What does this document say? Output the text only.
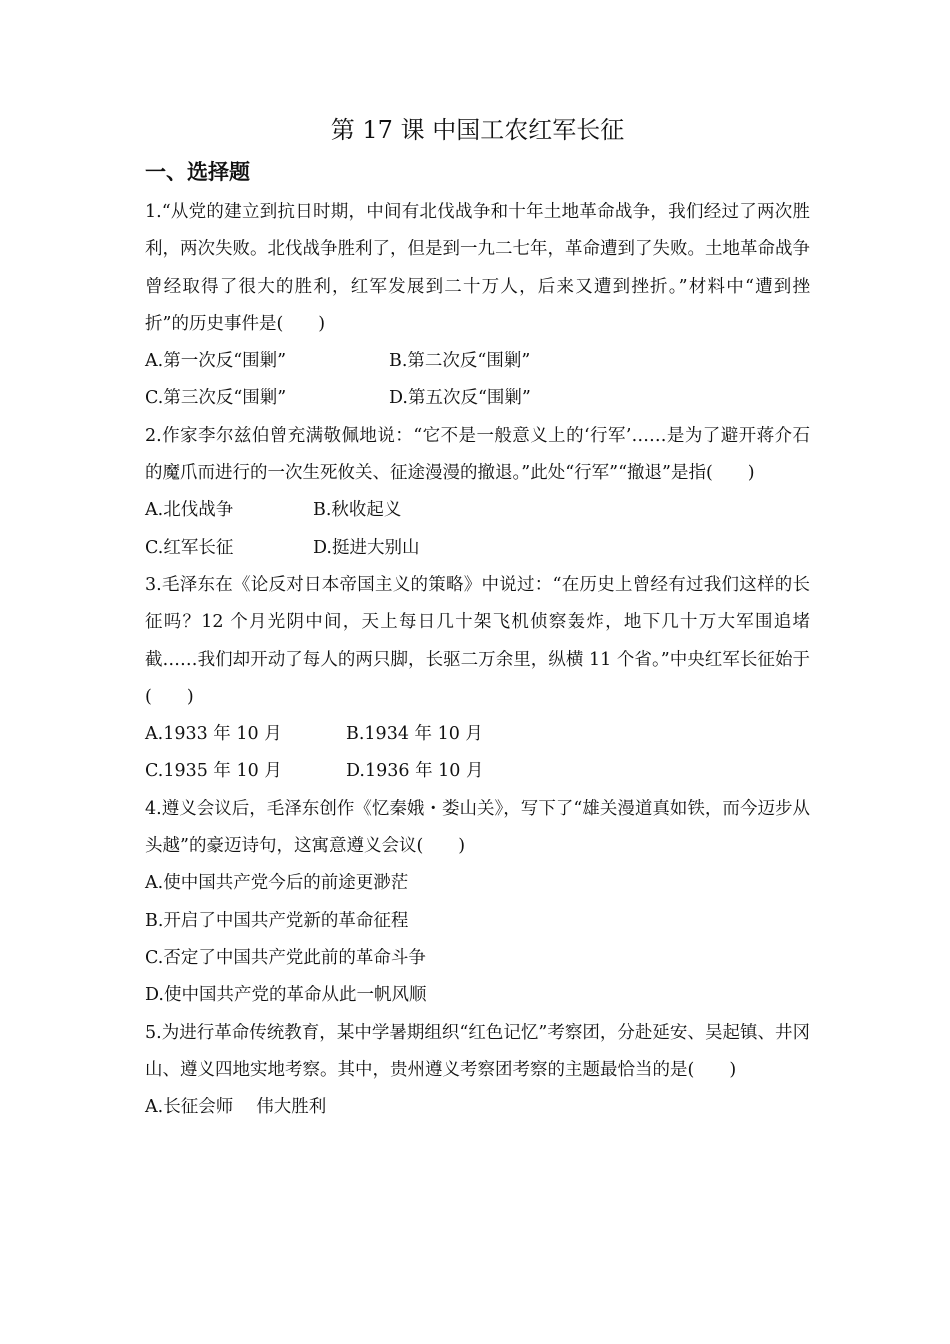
第 17 课 中国工农红军长征
一、选择题

1.“从党的建立到抗日时期，中间有北伐战争和十年土地革命战争，我们经过了两次胜利，两次失败。北伐战争胜利了，但是到一九二七年，革命遭到了失败。土地革命战争曾经取得了很大的胜利，红军发展到二十万人，后来又遭到挫折。”材料中“遭到挫折”的历史事件是(　　)

A.第一次反“围剿”	B.第二次反“围剿”
C.第三次反“围剿”	D.第五次反“围剿”

2.作家李尔兹伯曾充满敬佩地说：“它不是一般意义上的‘行军’……是为了避开蒋介石的魔爪而进行的一次生死攸关、征途漫漫的撤退。”此处“行军”“撤退”是指(　　)

A.北伐战争	B.秋收起义
C.红军长征	D.挺进大别山

3.毛泽东在《论反对日本帝国主义的策略》中说过：“在历史上曾经有过我们这样的长征吗？12 个月光阴中间，天上每日几十架飞机侦察轰炸，地下几十万大军围追堵截……我们却开动了每人的两只脚，长驱二万余里，纵横 11 个省。”中央红军长征始于(　　)

A.1933 年 10 月	B.1934 年 10 月
C.1935 年 10 月	D.1936 年 10 月

4.遵义会议后，毛泽东创作《忆秦娥・娄山关》，写下了“雄关漫道真如铁，而今迈步从头越”的豪迈诗句，这寓意遵义会议(　　)

A.使中国共产党今后的前途更渺茫

B.开启了中国共产党新的革命征程

C.否定了中国共产党此前的革命斗争

D.使中国共产党的革命从此一帆风顺

5.为进行革命传统教育，某中学暑期组织“红色记忆”考察团，分赴延安、吴起镇、井冈山、遵义四地实地考察。其中，贵州遵义考察团考察的主题最恰当的是(　　)

A.长征会师　 伟大胜利
